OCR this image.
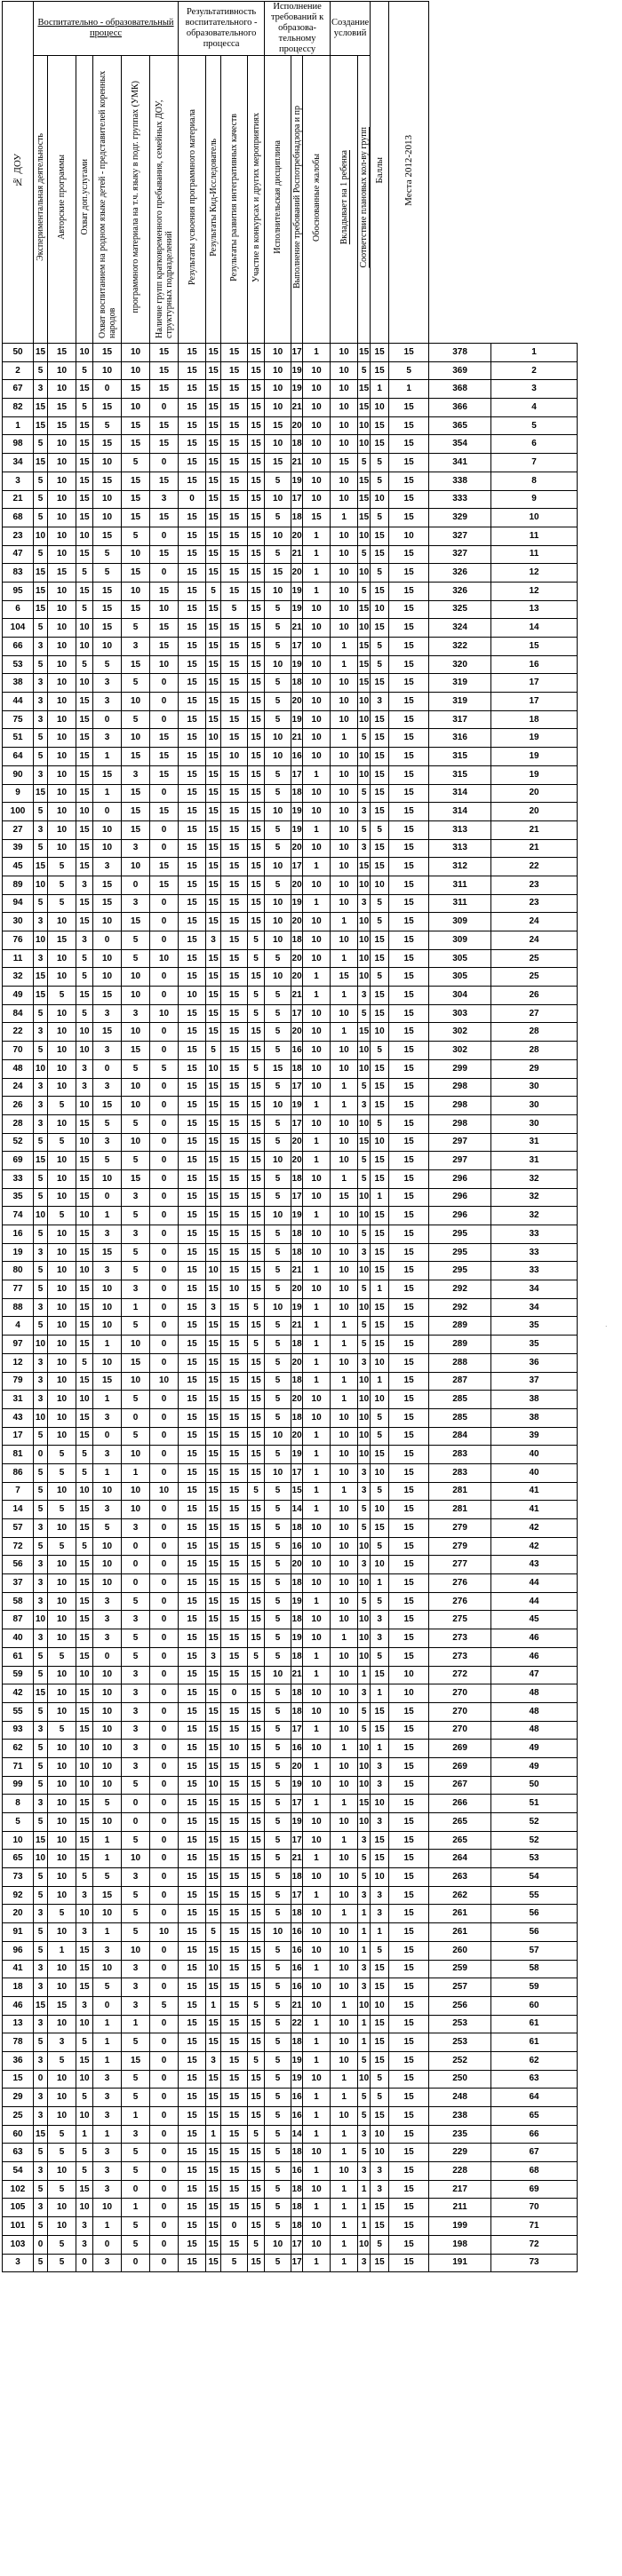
№ ДОУ	Воспитательно - образовательный процесс						Результативность воспитательного - образовательного процесса				Исполнение требований к образова-тельному процессу			Создание условий		Баллы	Места 2012-2013		
	Экспериментальная деятельность	Авторские программы	Охват доп.услугами	Охват воспитанием на родном языке детей - представителей коренных народов	программного материала на т.ч. языку в подг. группах (УМК)	Наличие групп кратковременного пребывания, семейных ДОУ, структурных подразделений	Результаты усвоения программного материала	Результаты Кид-Исследователь	Результаты развития интегративных качеств	Участие в конкурсах и других мероприятиях	Исполнительская дисциплина	Выполнение требований Роспотребнадзора и пр	Обоснованные жалобы	Вкладывает на 1 ребенка	Соответствие плановых кол-ву групп				
50	15	15	10	15	10	15	15	15	15	15	10	17	1	10	15	15	15	378	1
2	5	10	5	10	10	15	15	15	15	15	10	19	10	10	5	15	5	369	2
67	3	10	15	0	15	15	15	15	15	15	10	19	10	10	15	1	1	368	3
82	15	15	5	15	10	0	15	15	15	15	10	21	10	10	15	10	15	366	4
1	15	15	15	5	15	15	15	15	15	15	15	20	10	10	10	15	15	365	5
98	5	10	15	15	15	15	15	15	15	15	10	18	10	10	10	15	15	354	6
34	15	10	15	10	5	0	15	15	15	15	15	21	10	15	5	5	15	341	7
3	5	10	15	15	15	15	15	15	15	15	5	19	10	10	15	5	15	338	8
21	5	10	15	10	15	3	0	15	15	15	10	17	10	10	15	10	15	333	9
68	5	10	15	10	15	15	15	15	15	15	5	18	15	1	15	5	15	329	10
23	10	10	10	15	5	0	15	15	15	15	10	20	1	10	10	15	10	327	11
47	5	10	15	5	10	15	15	15	15	15	5	21	1	10	5	15	15	327	11
83	15	15	5	5	15	0	15	15	15	15	15	20	1	10	10	5	15	326	12
95	15	10	15	15	10	15	15	5	15	15	10	19	1	10	5	15	15	326	12
6	15	10	5	15	15	10	15	15	5	15	5	19	10	10	15	10	15	325	13
104	5	10	10	15	5	15	15	15	15	15	5	21	10	10	10	15	15	324	14
66	3	10	10	10	3	15	15	15	15	15	5	17	10	1	15	5	15	322	15
53	5	10	5	5	15	10	15	15	15	15	10	19	10	1	15	5	15	320	16
38	3	10	10	3	5	0	15	15	15	15	5	18	10	10	15	15	15	319	17
44	3	10	15	3	10	0	15	15	15	15	5	20	10	10	10	3	15	319	17
75	3	10	15	0	5	0	15	15	15	15	5	19	10	10	10	15	15	317	18
51	5	10	15	3	10	15	15	10	15	15	10	21	10	1	5	15	15	316	19
64	5	10	15	1	15	15	15	15	10	15	10	16	10	10	10	15	15	315	19
90	3	10	15	15	3	15	15	15	15	15	5	17	1	10	10	15	15	315	19
9	15	10	15	1	15	0	15	15	15	15	5	18	10	10	5	15	15	314	20
100	5	10	10	0	15	15	15	15	15	15	10	19	10	10	3	15	15	314	20
27	3	10	15	10	15	0	15	15	15	15	5	19	1	10	5	5	15	313	21
39	5	10	15	10	3	0	15	15	15	15	5	20	10	10	3	15	15	313	21
45	15	5	15	3	10	15	15	15	15	15	10	17	1	10	15	15	15	312	22
89	10	5	3	15	0	15	15	15	15	15	5	20	10	10	10	10	15	311	23
94	5	5	15	15	3	0	15	15	15	15	10	19	1	10	3	5	15	311	23
30	3	10	15	10	15	0	15	15	15	15	10	20	10	1	10	5	15	309	24
76	10	15	3	0	5	0	15	3	15	5	10	18	10	10	10	15	15	309	24
11	3	10	5	10	5	10	15	15	15	5	5	20	10	1	10	15	15	305	25
32	15	10	5	10	10	0	15	15	15	15	10	20	1	15	10	5	15	305	25
49	15	5	15	15	10	0	10	15	15	5	5	21	1	1	3	15	15	304	26
84	5	10	5	3	3	10	15	15	15	5	5	17	10	10	5	15	15	303	27
22	3	10	10	15	10	0	15	15	15	15	5	20	10	1	15	10	15	302	28
70	5	10	10	3	15	0	15	5	15	15	5	16	10	10	10	5	15	302	28
48	10	10	3	0	5	5	15	10	15	5	15	18	10	10	10	15	15	299	29
24	3	10	3	3	10	0	15	15	15	15	5	17	10	1	5	15	15	298	30
26	3	5	10	15	10	0	15	15	15	15	10	19	1	1	3	15	15	298	30
28	3	10	15	5	5	0	15	15	15	15	5	17	10	10	10	5	15	298	30
52	5	5	10	3	10	0	15	15	15	15	5	20	1	10	15	10	15	297	31
69	15	10	15	5	5	0	15	15	15	15	10	20	1	10	5	15	15	297	31
33	5	10	15	10	15	0	15	15	15	15	5	18	10	1	5	15	15	296	32
35	5	10	15	0	3	0	15	15	15	15	5	17	10	15	10	1	15	296	32
74	10	5	10	1	5	0	15	15	15	15	10	19	1	10	10	15	15	296	32
16	5	10	15	3	3	0	15	15	15	15	5	18	10	10	5	15	15	295	33
19	3	10	15	15	5	0	15	15	15	15	5	18	10	10	3	15	15	295	33
80	5	10	10	3	5	0	15	10	15	15	5	21	1	10	10	15	15	295	33
77	5	10	15	10	3	0	15	15	10	15	5	20	10	10	5	1	15	292	34
88	3	10	15	10	1	0	15	3	15	5	10	19	1	10	10	15	15	292	34
4	5	10	15	10	5	0	15	15	15	15	5	21	1	1	5	15	15	289	35
97	10	10	15	1	10	0	15	15	15	5	5	18	1	1	5	15	15	289	35
12	3	10	5	10	15	0	15	15	15	15	5	20	1	10	3	10	15	288	36
79	3	10	15	15	10	10	15	15	15	15	5	18	1	1	10	1	15	287	37
31	3	10	10	1	5	0	15	15	15	15	5	20	10	1	10	10	15	285	38
43	10	10	15	3	0	0	15	15	15	15	5	18	10	10	10	5	15	285	38
17	5	10	15	0	5	0	15	15	15	15	10	20	1	10	10	5	15	284	39
81	0	5	5	3	10	0	15	15	15	15	5	19	1	10	10	15	15	283	40
86	5	5	5	1	1	0	15	15	15	15	10	17	1	10	3	10	15	283	40
7	5	10	10	10	10	10	15	15	15	5	5	15	1	1	3	5	15	281	41
14	5	5	15	3	10	0	15	15	15	15	5	14	1	10	5	10	15	281	41
57	3	10	15	5	3	0	15	15	15	15	5	18	10	10	5	15	15	279	42
72	5	5	5	10	0	0	15	15	15	15	5	16	10	10	10	5	15	279	42
56	3	10	15	10	0	0	15	15	15	15	5	20	10	10	3	10	15	277	43
37	3	10	15	10	0	0	15	15	15	15	5	18	10	10	10	1	15	276	44
58	3	10	15	3	5	0	15	15	15	15	5	19	1	10	5	5	15	276	44
87	10	10	15	3	3	0	15	15	15	15	5	18	10	10	10	3	15	275	45
40	3	10	15	3	5	0	15	15	15	15	5	19	10	1	10	3	15	273	46
61	5	5	15	0	5	0	15	3	15	5	5	18	1	10	10	5	15	273	46
59	5	10	10	10	3	0	15	15	15	15	10	21	1	10	1	15	10	272	47
42	15	10	15	10	3	0	15	15	0	15	5	18	10	10	3	1	10	270	48
55	5	10	15	10	3	0	15	15	15	15	5	18	10	10	5	15	15	270	48
93	3	5	15	10	3	0	15	15	15	15	5	17	1	10	5	15	15	270	48
62	5	10	10	10	3	0	15	15	10	15	5	16	10	1	10	1	15	269	49
71	5	10	10	10	3	0	15	15	15	15	5	20	1	10	10	3	15	269	49
99	5	10	10	10	5	0	15	10	15	15	5	19	10	10	10	3	15	267	50
8	3	10	15	5	0	0	15	15	15	15	5	17	1	1	15	10	15	266	51
5	5	10	15	10	0	0	15	15	15	15	5	19	10	10	10	3	15	265	52
10	15	10	15	1	5	0	15	15	15	15	5	17	10	1	3	15	15	265	52
65	10	10	15	1	10	0	15	15	15	15	5	21	1	10	5	15	15	264	53
73	5	10	5	5	3	0	15	15	15	15	5	18	10	10	5	10	15	263	54
92	5	10	3	15	5	0	15	15	15	15	5	17	1	10	3	3	15	262	55
20	3	5	10	10	5	0	15	15	15	15	5	18	10	1	1	3	15	261	56
91	5	10	3	1	5	10	15	5	15	15	10	16	10	10	1	1	15	261	56
96	5	1	15	3	10	0	15	15	15	15	5	16	10	10	1	5	15	260	57
41	3	10	15	10	3	0	15	10	15	15	5	16	1	10	3	15	15	259	58
18	3	10	15	5	3	0	15	15	15	15	5	16	10	10	3	15	15	257	59
46	15	15	3	0	3	5	15	1	15	5	5	21	10	1	10	10	15	256	60
13	3	10	10	1	1	0	15	15	15	15	5	22	1	10	1	15	15	253	61
78	5	3	5	1	5	0	15	15	15	15	5	18	1	10	1	15	15	253	61
36	3	5	15	1	15	0	15	3	15	5	5	19	1	10	5	15	15	252	62
15	0	10	10	3	5	0	15	15	15	15	5	19	10	1	10	5	15	250	63
29	3	10	5	3	5	0	15	15	15	15	5	16	1	1	5	5	15	248	64
25	3	10	10	3	1	0	15	15	15	15	5	16	1	10	5	15	15	238	65
60	15	5	1	1	3	0	15	1	15	5	5	14	1	1	3	10	15	235	66
63	5	5	5	3	5	0	15	15	15	15	5	18	10	1	5	10	15	229	67
54	3	10	5	3	5	0	15	15	15	15	5	16	1	10	3	3	15	228	68
102	5	5	15	3	0	0	15	15	15	15	5	18	10	1	1	3	15	217	69
105	3	10	10	10	1	0	15	15	15	15	5	18	1	1	1	15	15	211	70
101	5	10	3	1	5	0	15	15	0	15	5	18	10	1	1	15	15	199	71
103	0	5	3	0	5	0	15	15	15	5	10	17	10	1	10	5	15	198	72
3	5	5	0	3	0	0	15	15	5	15	5	17	1	1	3	15	15	191	73
·
